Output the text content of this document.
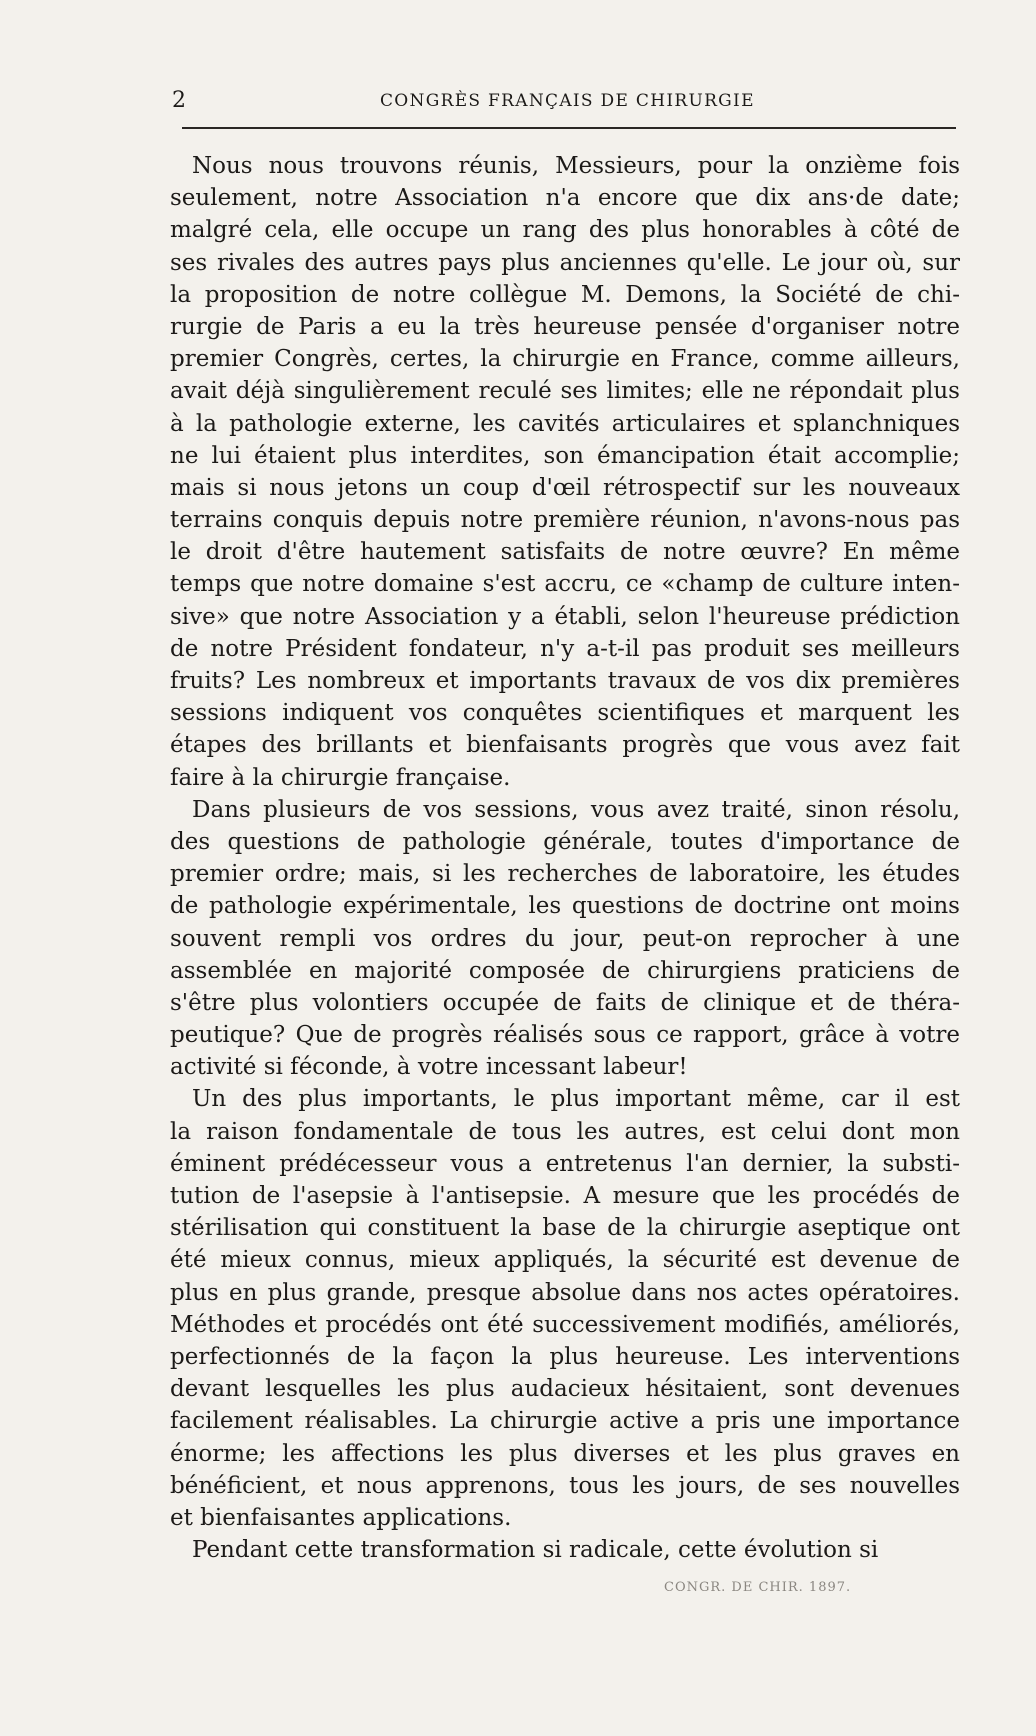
2	CONGRÈS FRANÇAIS DE CHIRURGIE
Nous nous trouvons réunis, Messieurs, pour la onzième fois
seulement, notre Association n'a encore que dix ans·de date;
malgré cela, elle occupe un rang des plus honorables à côté de
ses rivales des autres pays plus anciennes qu'elle. Le jour où, sur
la proposition de notre collègue M. Demons, la Société de chi-
rurgie de Paris a eu la très heureuse pensée d'organiser notre
premier Congrès, certes, la chirurgie en France, comme ailleurs,
avait déjà singulièrement reculé ses limites; elle ne répondait plus
à la pathologie externe, les cavités articulaires et splanchniques
ne lui étaient plus interdites, son émancipation était accomplie;
mais si nous jetons un coup d'œil rétrospectif sur les nouveaux
terrains conquis depuis notre première réunion, n'avons-nous pas
le droit d'être hautement satisfaits de notre œuvre? En même
temps que notre domaine s'est accru, ce «champ de culture inten-
sive» que notre Association y a établi, selon l'heureuse prédiction
de notre Président fondateur, n'y a-t-il pas produit ses meilleurs
fruits? Les nombreux et importants travaux de vos dix premières
sessions indiquent vos conquêtes scientifiques et marquent les
étapes des brillants et bienfaisants progrès que vous avez fait
faire à la chirurgie française.
Dans plusieurs de vos sessions, vous avez traité, sinon résolu,
des questions de pathologie générale, toutes d'importance de
premier ordre; mais, si les recherches de laboratoire, les études
de pathologie expérimentale, les questions de doctrine ont moins
souvent rempli vos ordres du jour, peut-on reprocher à une
assemblée en majorité composée de chirurgiens praticiens de
s'être plus volontiers occupée de faits de clinique et de théra-
peutique? Que de progrès réalisés sous ce rapport, grâce à votre
activité si féconde, à votre incessant labeur!
Un des plus importants, le plus important même, car il est
la raison fondamentale de tous les autres, est celui dont mon
éminent prédécesseur vous a entretenus l'an dernier, la substi-
tution de l'asepsie à l'antisepsie. A mesure que les procédés de
stérilisation qui constituent la base de la chirurgie aseptique ont
été mieux connus, mieux appliqués, la sécurité est devenue de
plus en plus grande, presque absolue dans nos actes opératoires.
Méthodes et procédés ont été successivement modifiés, améliorés,
perfectionnés de la façon la plus heureuse. Les interventions
devant lesquelles les plus audacieux hésitaient, sont devenues
facilement réalisables. La chirurgie active a pris une importance
énorme; les affections les plus diverses et les plus graves en
bénéficient, et nous apprenons, tous les jours, de ses nouvelles
et bienfaisantes applications.
Pendant cette transformation si radicale, cette évolution si
CONGR. DE CHIR. 1897.
